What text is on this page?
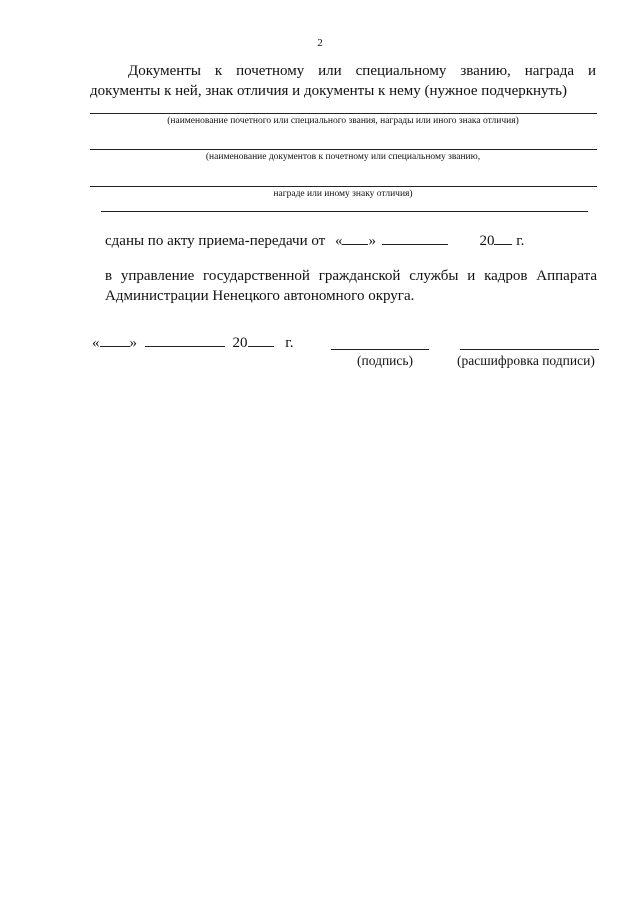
2
Документы к почетному или специальному званию, награда и
документы к ней, знак отличия и документы к нему (нужное подчеркнуть)
(наименование почетного или специального звания, награды или иного знака отличия)
(наименование документов к почетному или специальному званию,
награде или иному знаку отличия)
сданы по акту приема-передачи от « »	20 г.
в управление государственной гражданской службы и кадров Аппарата
Администрации Ненецкого автономного округа.
« »	20	г.
(подпись)	(расшифровка подписи)
